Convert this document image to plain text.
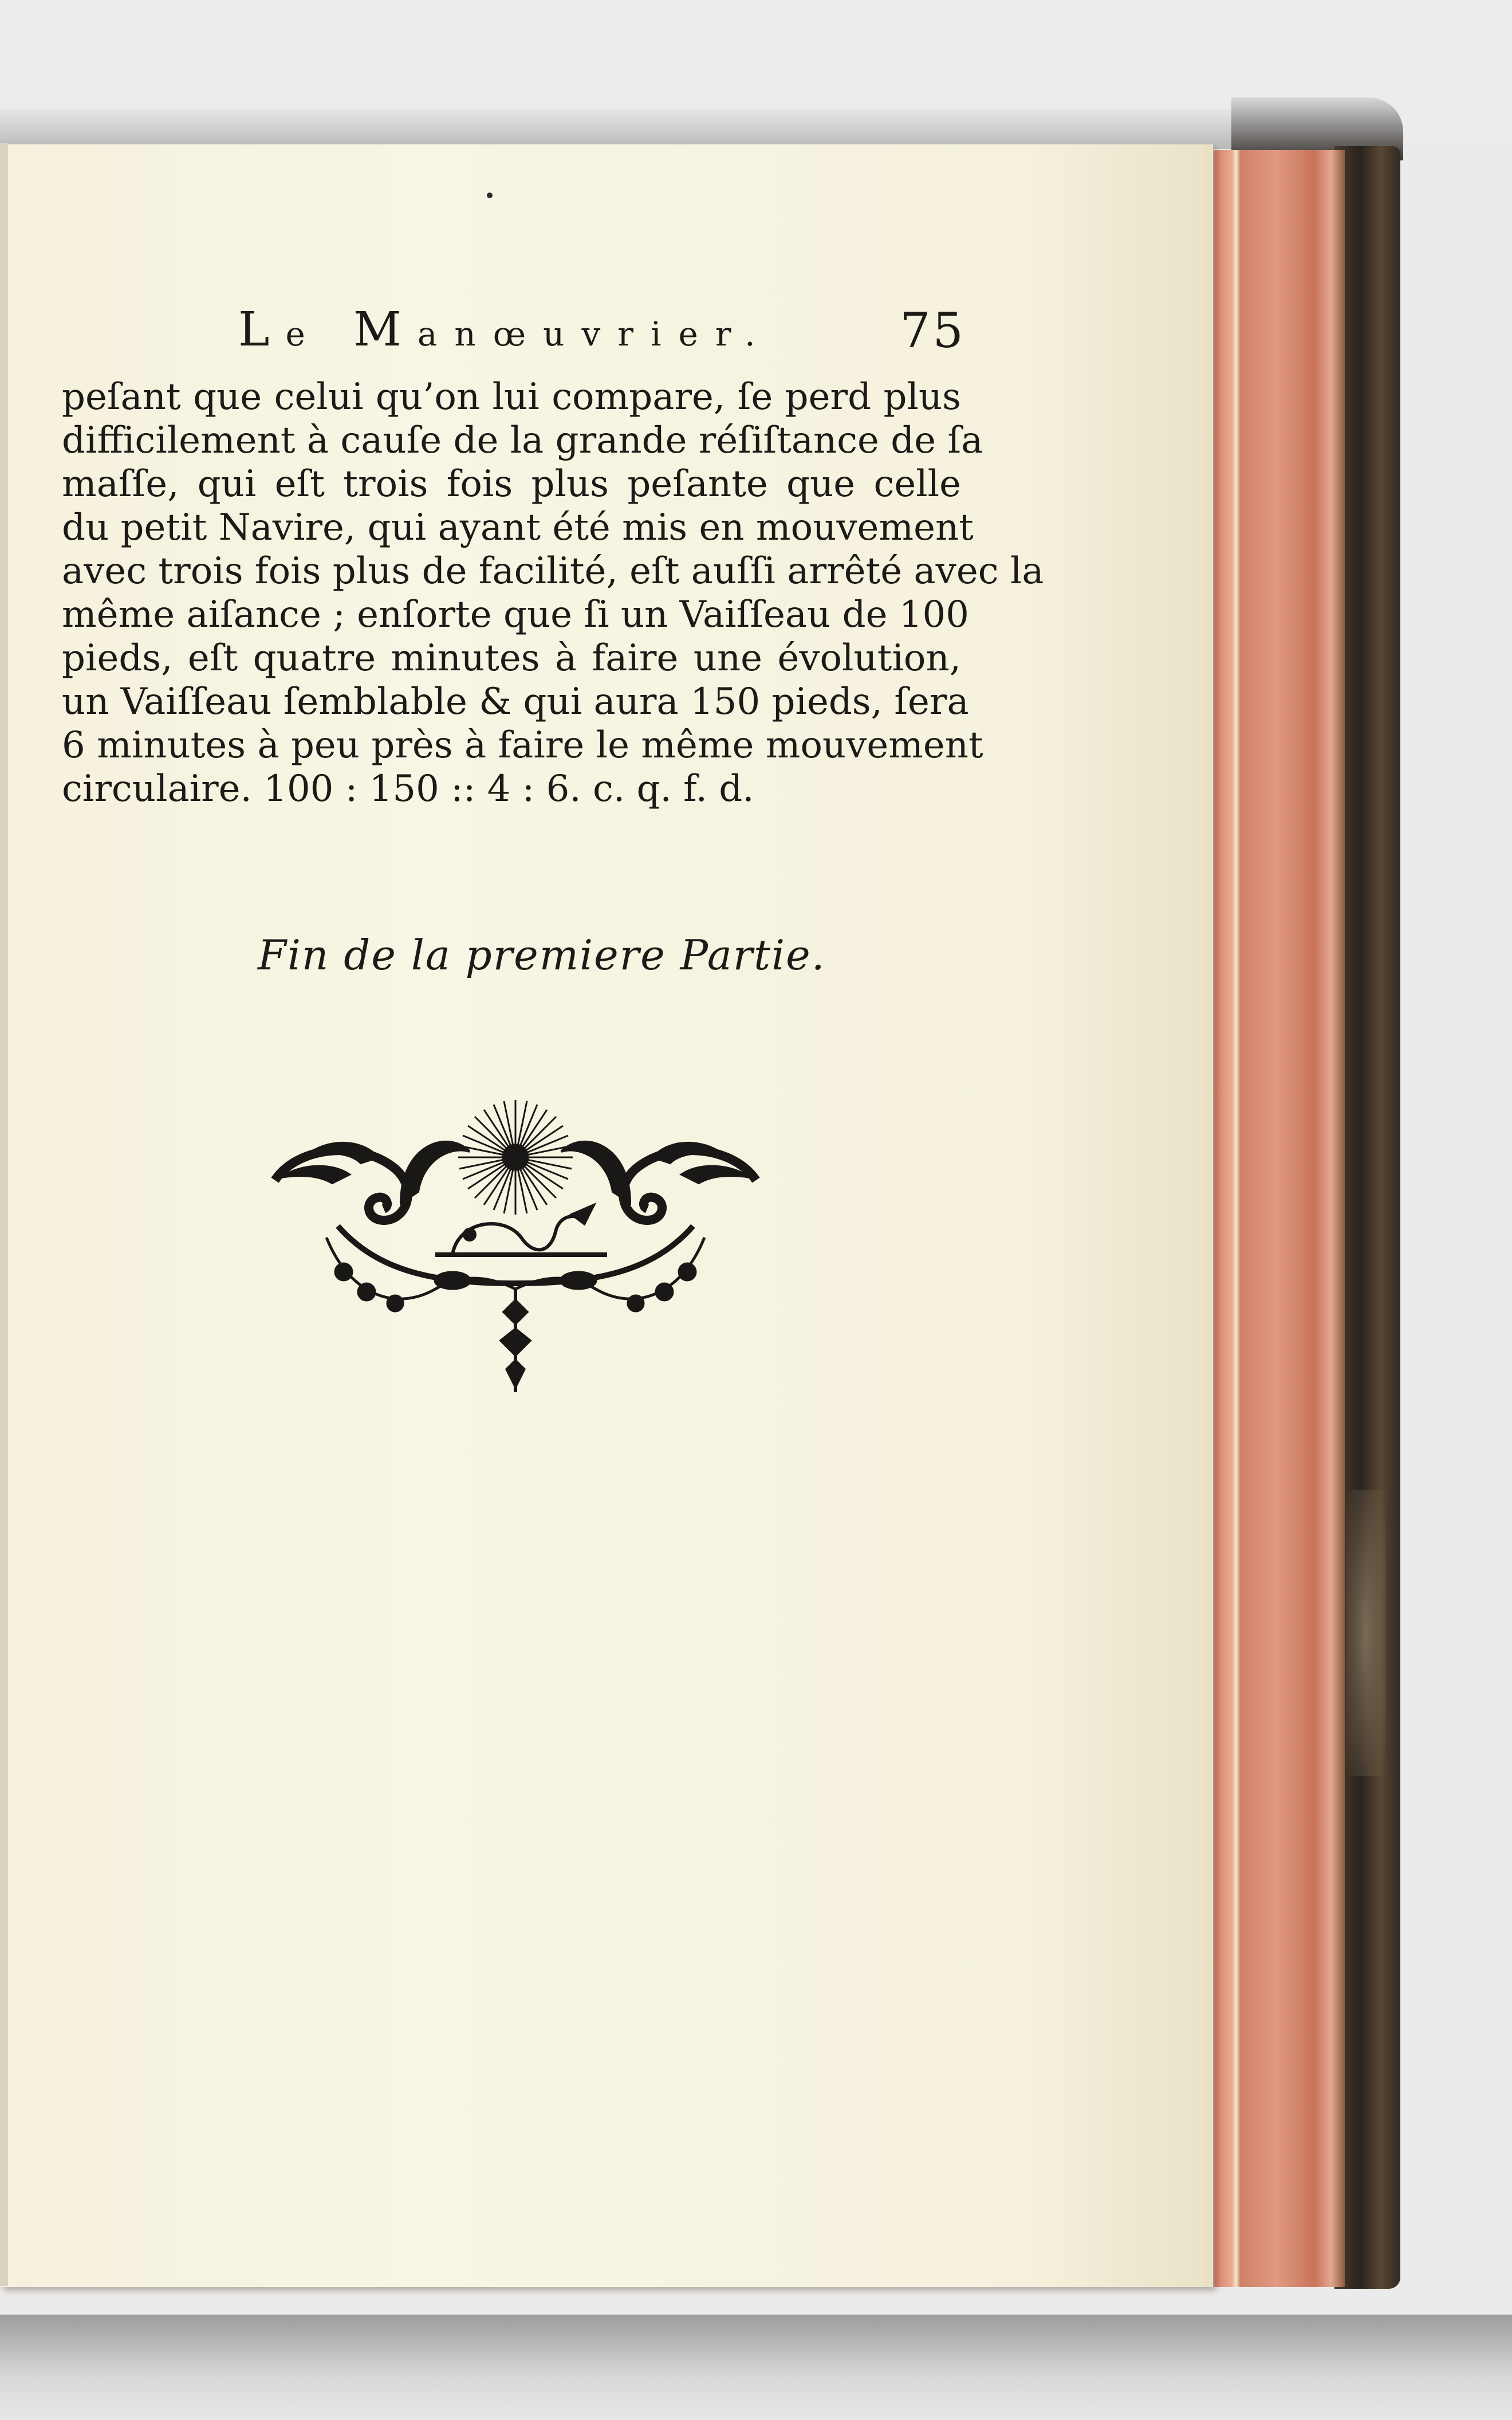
Le Manœuvrier.	75
peſant que celui qu’on lui compare, ſe perd plus
difficilement à cauſe de la grande réſiſtance de ſa
maſſe, qui eſt trois fois plus peſante que celle
du petit Navire, qui ayant été mis en mouvement
avec trois fois plus de facilité, eſt auſſi arrêté avec la
même aiſance ; enſorte que ſi un Vaiſſeau de 100
pieds, eſt quatre minutes à faire une évolution,
un Vaiſſeau ſemblable & qui aura 150 pieds, ſera
6 minutes à peu près à faire le même mouvement
circulaire. 100 : 150 :: 4 : 6. c. q. f. d.
Fin de la premiere Partie.
